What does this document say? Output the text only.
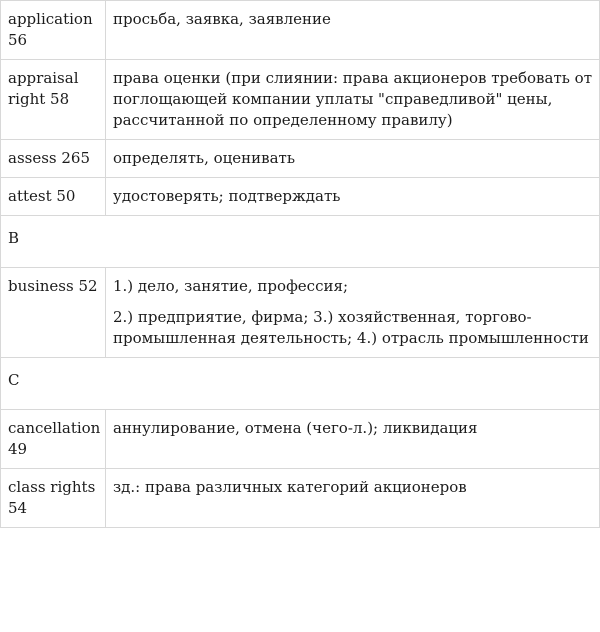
application 56	просьба, заявка, заявление

appraisal right 58	права оценки (при слиянии: права акционеров требовать от поглощающей компании уплаты "справедливой" цены, рассчитанной по определенному правилу)

assess 265	определять, оценивать

attest 50	удостоверять; подтверждать

B	
business 52	1.) дело, занятие, профессия;

2.) предприятие, фирма; 3.) хозяйственная, торгово-промышленная деятельность; 4.) отрасль промышленности

C	
cancellation 49	аннулирование, отмена (чего-л.); ликвидация

class rights 54	зд.: права различных категорий акционеров
